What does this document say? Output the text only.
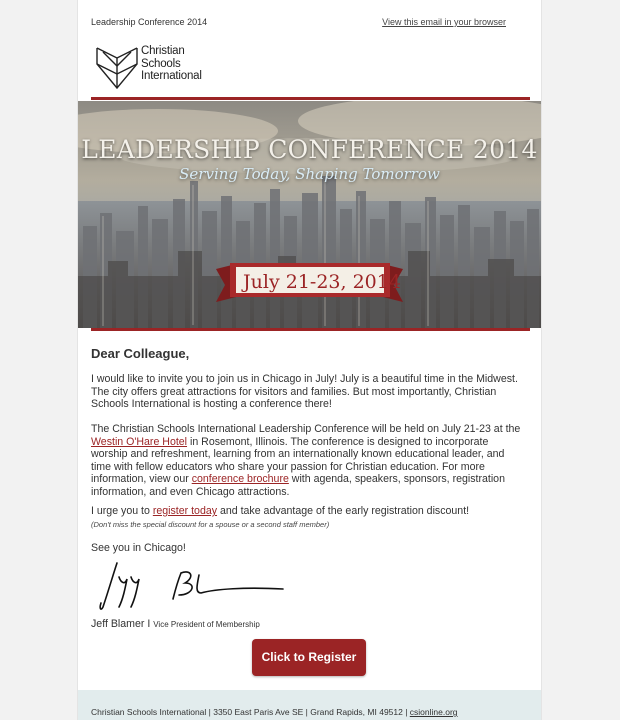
Leadership Conference 2014	View this email in your browser
Christian
Schools
International
LEADERSHIP CONFERENCE 2014
Serving Today, Shaping Tomorrow
July 21-23, 2014
Dear Colleague,
I would like to invite you to join us in Chicago in July! July is a beautiful time in the Midwest. The city offers great attractions for visitors and families. But most importantly, Christian Schools International is hosting a conference there!
The Christian Schools International Leadership Conference will be held on July 21-23 at the Westin O'Hare Hotel in Rosemont, Illinois. The conference is designed to incorporate worship and refreshment, learning from an internationally known educational leader, and time with fellow educators who share your passion for Christian education. For more information, view our conference brochure with agenda, speakers, sponsors, registration information, and even Chicago attractions.
I urge you to register today and take advantage of the early registration discount!
(Don't miss the special discount for a spouse or a second staff member)
See you in Chicago!
Jeff Blamer I Vice President of Membership
Click to Register
Christian Schools International | 3350 East Paris Ave SE | Grand Rapids, MI 49512 | csionline.org
